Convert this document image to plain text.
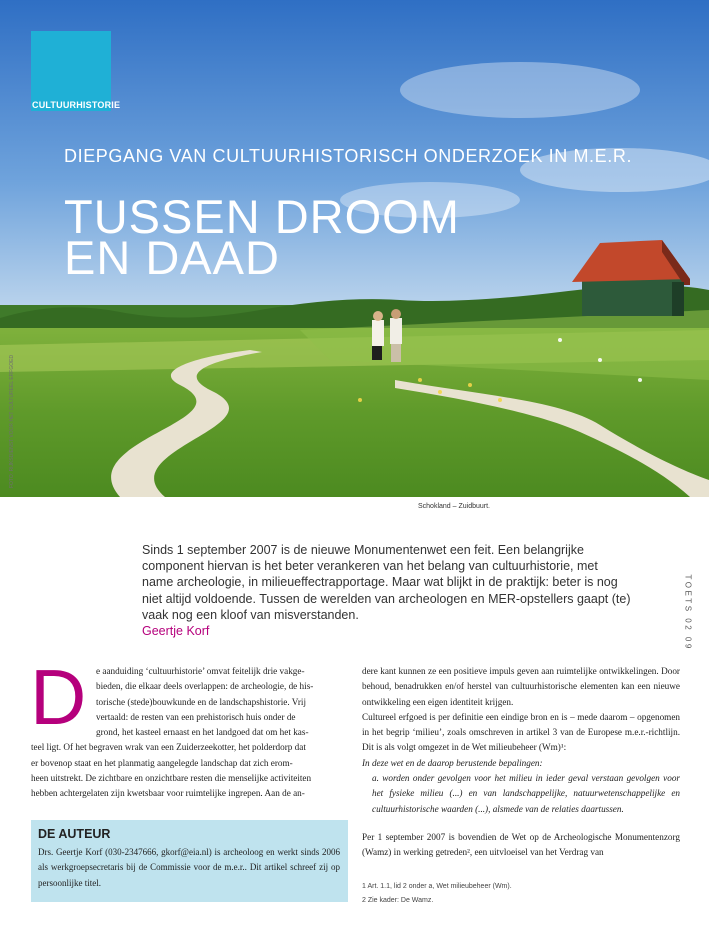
CULTUURHISTORIE
DIEPGANG VAN CULTUURHISTORISCH ONDERZOEK IN M.E.R.
TUSSEN DROOM
EN DAAD
FOTO: RIJKSDIENST VOOR HET CULTUREEL ERFGOED
Schokland – Zuidbuurt.
Sinds 1 september 2007 is de nieuwe Monumentenwet een feit. Een belangrijke component hiervan is het beter verankeren van het belang van cultuurhistorie, met name archeologie, in milieueffectrapportage. Maar wat blijkt in de praktijk: beter is nog niet altijd voldoende. Tussen de werelden van archeologen en MER-opstellers gaapt (te) vaak nog een kloof van misverstanden.
Geertje Korf	TOETS 02 09
D	e aanduiding ‘cultuurhistorie’ omvat feitelijk drie vakge-
bieden, die elkaar deels overlappen: de archeologie, de his-
torische (stede)bouwkunde en de landschapshistorie. Vrij
vertaald: de resten van een prehistorisch huis onder de
grond, het kasteel ernaast en het landgoed dat om het kas-
teel ligt. Of het begraven wrak van een Zuiderzeekotter, het polderdorp dat
er bovenop staat en het planmatig aangelegde landschap dat zich erom-
heen uitstrekt. De zichtbare en onzichtbare resten die menselijke activiteiten
hebben achtergelaten zijn kwetsbaar voor ruimtelijke ingrepen. Aan de an-
dere kant kunnen ze een positieve impuls geven aan ruimtelijke ontwikkelingen. Door behoud, benadrukken en/of herstel van cultuurhistorische elementen kan een nieuwe ontwikkeling een eigen identiteit krijgen.
Cultureel erfgoed is per definitie een eindige bron en is – mede daarom – opgenomen in het begrip ‘milieu’, zoals omschreven in artikel 3 van de Europese m.e.r.-richtlijn. Dit is als volgt omgezet in de Wet milieubeheer (Wm)¹:
In deze wet en de daarop berustende bepalingen:
a. worden onder gevolgen voor het milieu in ieder geval verstaan gevolgen voor het fysieke milieu (...) en van landschappelijke, natuurwetenschappelijke en cultuurhistorische waarden (...), alsmede van de relaties daartussen.
DE AUTEUR
Drs. Geertje Korf (030-2347666, gkorf@eia.nl) is archeoloog en werkt sinds 2006 als werkgroepsecretaris bij de Commissie voor de m.e.r.. Dit artikel schreef zij op persoonlijke titel.
Per 1 september 2007 is bovendien de Wet op de Archeologische Monumentenzorg (Wamz) in werking getreden², een uitvloeisel van het Verdrag van
1 Art. 1.1, lid 2 onder a, Wet milieubeheer (Wm).
2 Zie kader: De Wamz.
